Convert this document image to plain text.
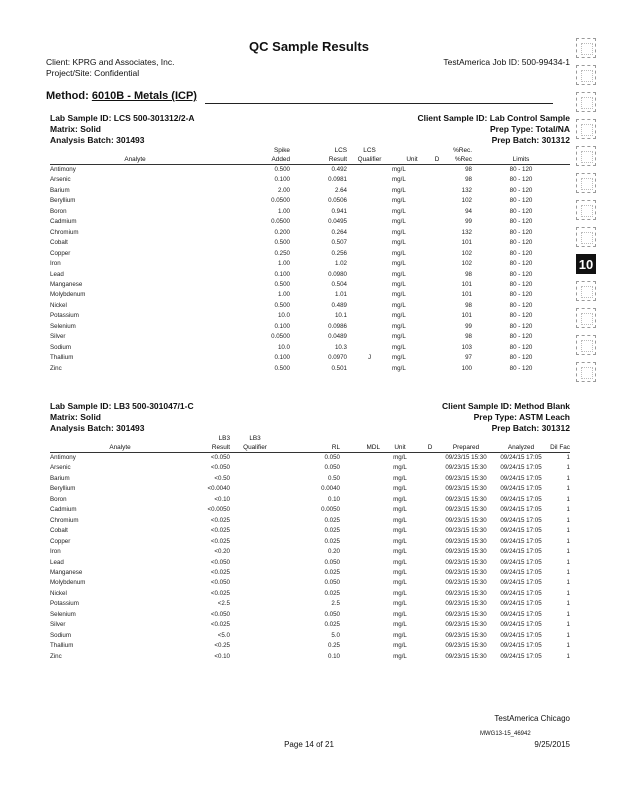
QC Sample Results
Client: KPRG and Associates, Inc.	TestAmerica Job ID: 500-99434-1
Project/Site: Confidential
Method: 6010B - Metals (ICP)
Lab Sample ID: LCS 500-301312/2-A	Client Sample ID: Lab Control Sample
Matrix: Solid	Prep Type: Total/NA
Analysis Batch: 301493	Prep Batch: 301312
	Spike	LCS	LCS			%Rec.	
Analyte	Added	Result	Qualifier	Unit	D	%Rec	Limits
Antimony	0.500	0.492		mg/L		98	80 - 120
Arsenic	0.100	0.0981		mg/L		98	80 - 120
Barium	2.00	2.64		mg/L		132	80 - 120
Beryllium	0.0500	0.0506		mg/L		102	80 - 120
Boron	1.00	0.941		mg/L		94	80 - 120
Cadmium	0.0500	0.0495		mg/L		99	80 - 120
Chromium	0.200	0.264		mg/L		132	80 - 120
Cobalt	0.500	0.507		mg/L		101	80 - 120
Copper	0.250	0.256		mg/L		102	80 - 120
Iron	1.00	1.02		mg/L		102	80 - 120
Lead	0.100	0.0980		mg/L		98	80 - 120
Manganese	0.500	0.504		mg/L		101	80 - 120
Molybdenum	1.00	1.01		mg/L		101	80 - 120
Nickel	0.500	0.489		mg/L		98	80 - 120
Potassium	10.0	10.1		mg/L		101	80 - 120
Selenium	0.100	0.0986		mg/L		99	80 - 120
Silver	0.0500	0.0489		mg/L		98	80 - 120
Sodium	10.0	10.3		mg/L		103	80 - 120
Thallium	0.100	0.0970	J	mg/L		97	80 - 120
Zinc	0.500	0.501		mg/L		100	80 - 120
Lab Sample ID: LB3 500-301047/1-C	Client Sample ID: Method Blank
Matrix: Solid	Prep Type: ASTM Leach
Analysis Batch: 301493	Prep Batch: 301312
	LB3	LB3							
Analyte	Result	Qualifier	RL	MDL	Unit	D	Prepared	Analyzed	Dil Fac
Antimony	<0.050		0.050		mg/L		09/23/15 15:30	09/24/15 17:05	1
Arsenic	<0.050		0.050		mg/L		09/23/15 15:30	09/24/15 17:05	1
Barium	<0.50		0.50		mg/L		09/23/15 15:30	09/24/15 17:05	1
Beryllium	<0.0040		0.0040		mg/L		09/23/15 15:30	09/24/15 17:05	1
Boron	<0.10		0.10		mg/L		09/23/15 15:30	09/24/15 17:05	1
Cadmium	<0.0050		0.0050		mg/L		09/23/15 15:30	09/24/15 17:05	1
Chromium	<0.025		0.025		mg/L		09/23/15 15:30	09/24/15 17:05	1
Cobalt	<0.025		0.025		mg/L		09/23/15 15:30	09/24/15 17:05	1
Copper	<0.025		0.025		mg/L		09/23/15 15:30	09/24/15 17:05	1
Iron	<0.20		0.20		mg/L		09/23/15 15:30	09/24/15 17:05	1
Lead	<0.050		0.050		mg/L		09/23/15 15:30	09/24/15 17:05	1
Manganese	<0.025		0.025		mg/L		09/23/15 15:30	09/24/15 17:05	1
Molybdenum	<0.050		0.050		mg/L		09/23/15 15:30	09/24/15 17:05	1
Nickel	<0.025		0.025		mg/L		09/23/15 15:30	09/24/15 17:05	1
Potassium	<2.5		2.5		mg/L		09/23/15 15:30	09/24/15 17:05	1
Selenium	<0.050		0.050		mg/L		09/23/15 15:30	09/24/15 17:05	1
Silver	<0.025		0.025		mg/L		09/23/15 15:30	09/24/15 17:05	1
Sodium	<5.0		5.0		mg/L		09/23/15 15:30	09/24/15 17:05	1
Thallium	<0.25		0.25		mg/L		09/23/15 15:30	09/24/15 17:05	1
Zinc	<0.10		0.10		mg/L		09/23/15 15:30	09/24/15 17:05	1
10
TestAmerica Chicago
MWG13-15_46942
Page 14 of 21	9/25/2015
